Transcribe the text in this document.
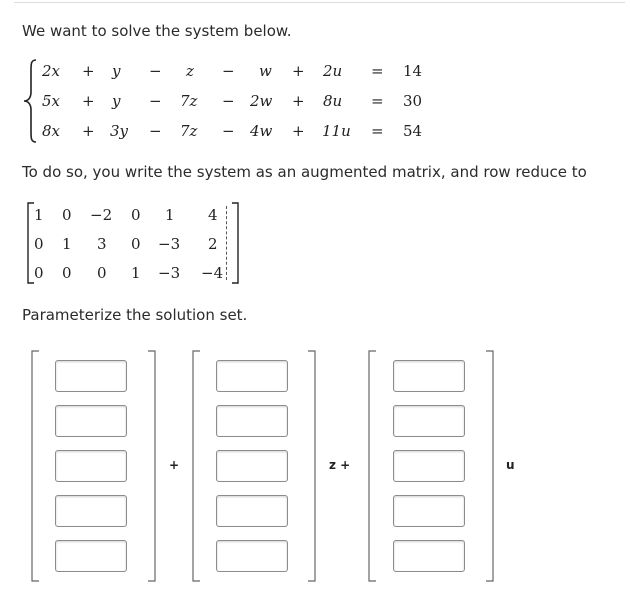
We want to solve the system below.
2x + y − z − w + 2u = 14
5x + y − 7z − 2w + 8u = 30
8x + 3y − 7z − 4w + 11u = 54
To do so, you write the system as an augmented matrix, and row reduce to
1 0 −2 0 1 4
0 1 3 0 −3 2
0 0 0 1 −3 −4
Parameterize the solution set.
+	z +	u
